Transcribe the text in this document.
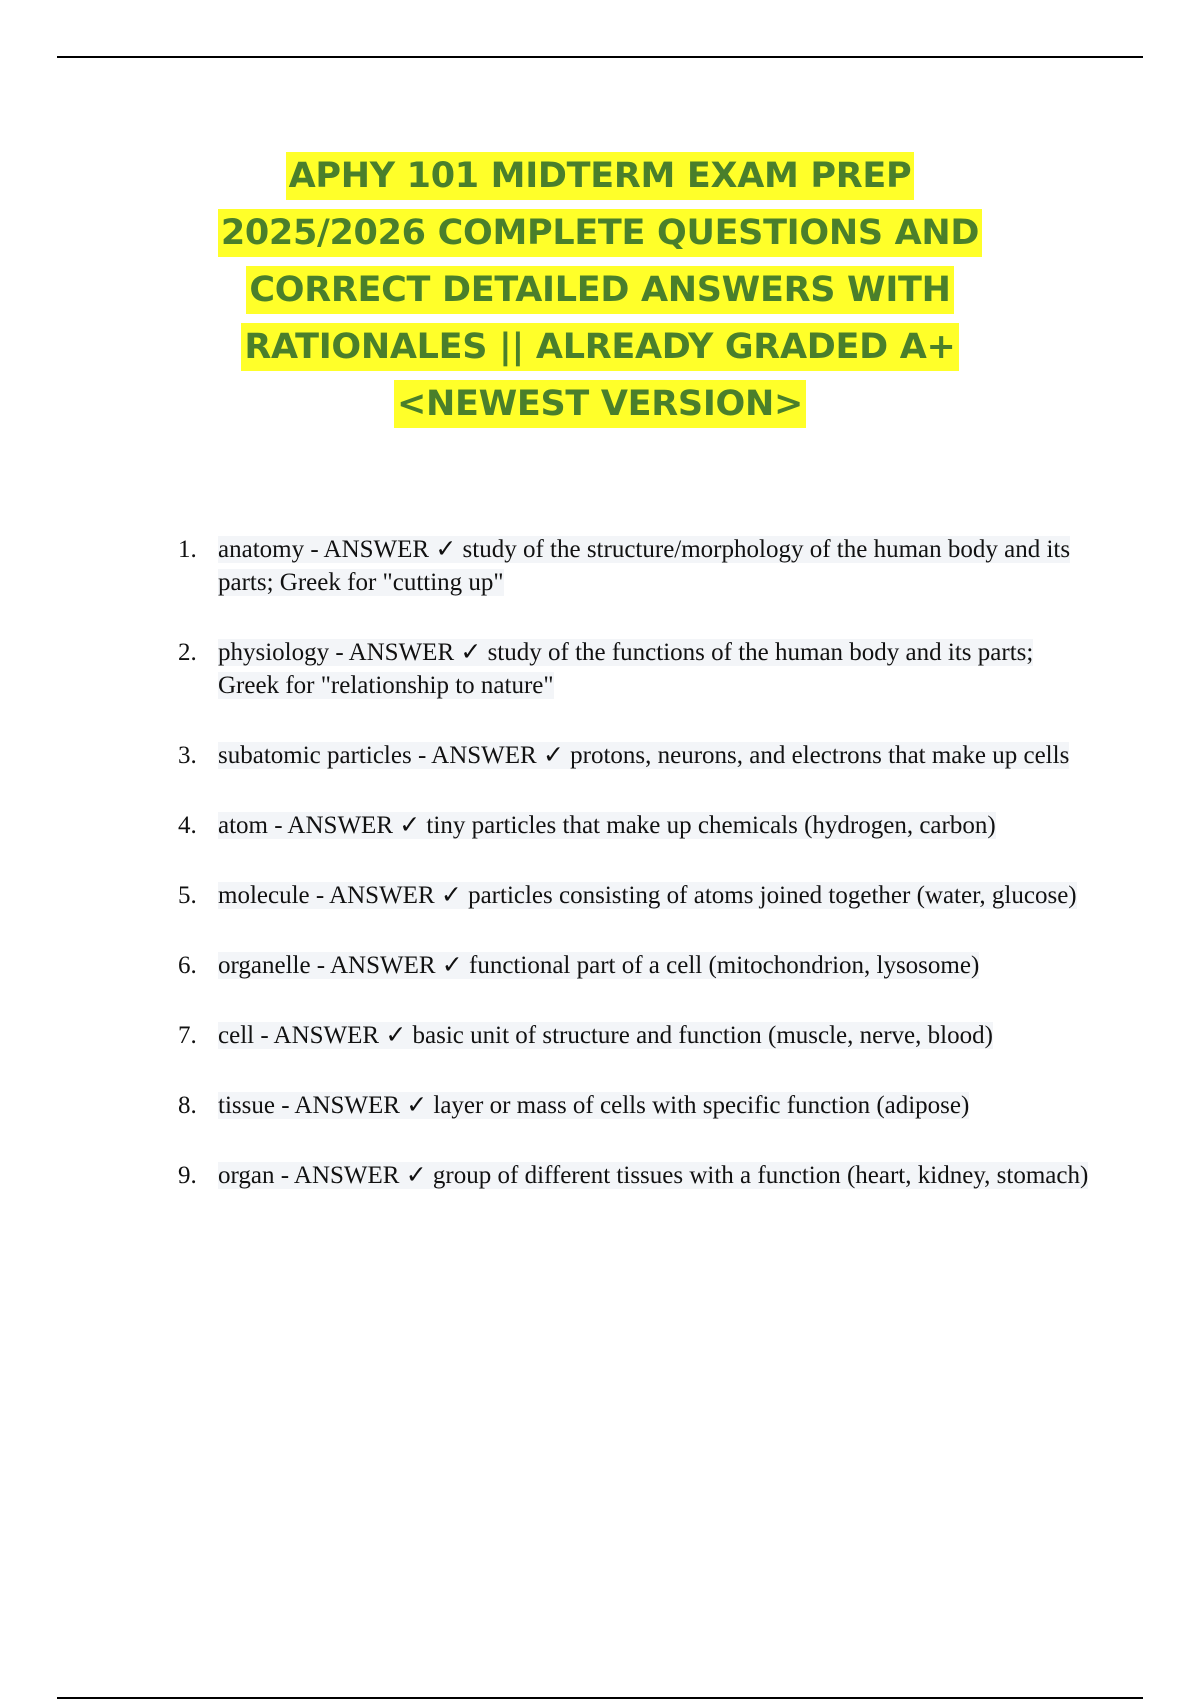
APHY 101 MIDTERM EXAM PREP
2025/2026 COMPLETE QUESTIONS AND
CORRECT DETAILED ANSWERS WITH
RATIONALES || ALREADY GRADED A+
<NEWEST VERSION>
1. anatomy - ANSWER ✓ study of the structure/morphology of the human body and its parts; Greek for "cutting up"
2. physiology - ANSWER ✓ study of the functions of the human body and its parts; Greek for "relationship to nature"
3. subatomic particles - ANSWER ✓ protons, neurons, and electrons that make up cells
4. atom - ANSWER ✓ tiny particles that make up chemicals (hydrogen, carbon)
5. molecule - ANSWER ✓ particles consisting of atoms joined together (water, glucose)
6. organelle - ANSWER ✓ functional part of a cell (mitochondrion, lysosome)
7. cell - ANSWER ✓ basic unit of structure and function (muscle, nerve, blood)
8. tissue - ANSWER ✓ layer or mass of cells with specific function (adipose)
9. organ - ANSWER ✓ group of different tissues with a function (heart, kidney, stomach)
